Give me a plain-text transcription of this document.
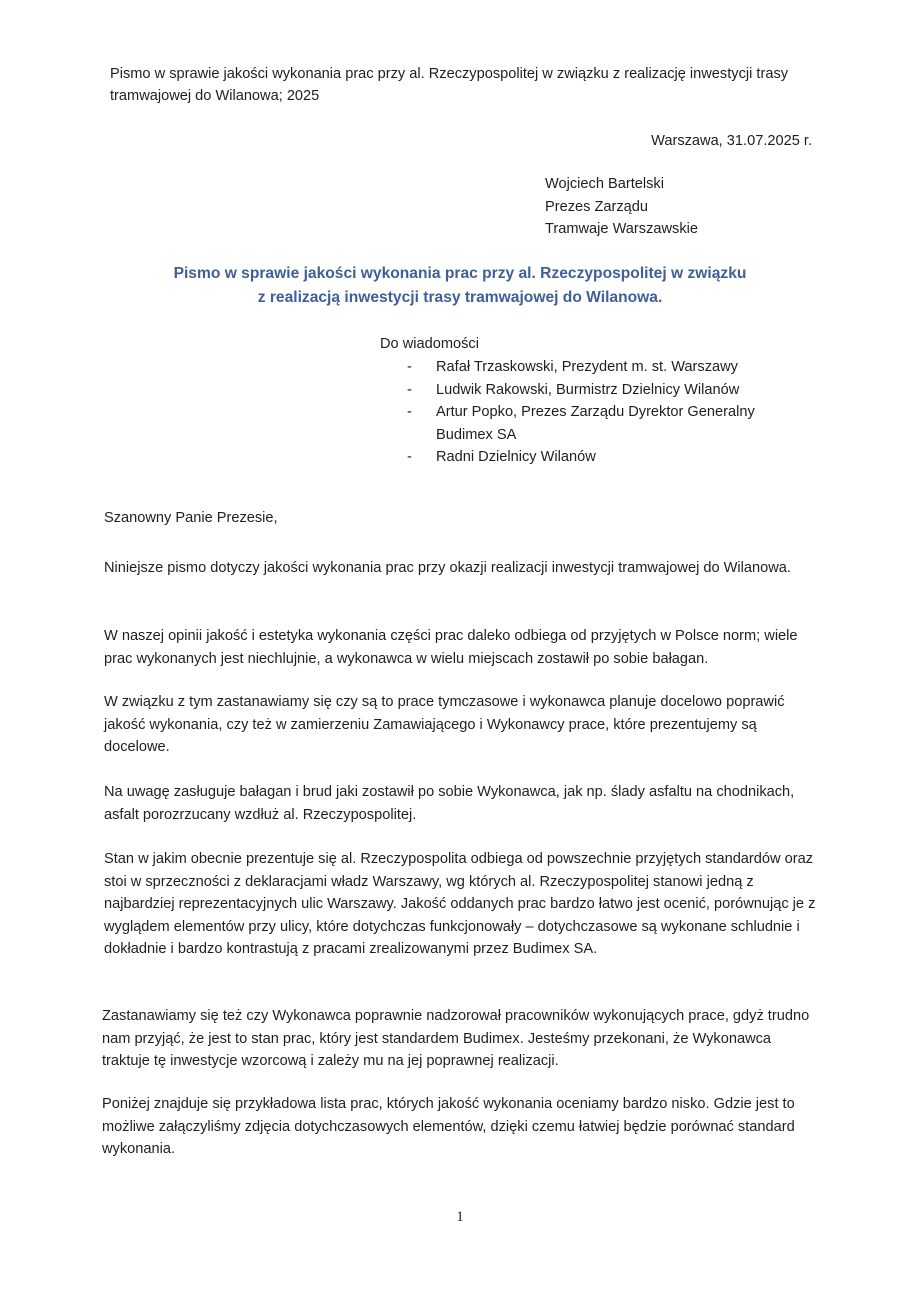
Pismo w sprawie jakości wykonania prac przy al. Rzeczypospolitej w związku z realizację inwestycji trasy tramwajowej do Wilanowa; 2025
Warszawa, 31.07.2025 r.
Wojciech Bartelski
Prezes Zarządu
Tramwaje Warszawskie
Pismo w sprawie jakości wykonania prac przy al. Rzeczypospolitej w związku
z realizacją inwestycji trasy tramwajowej do Wilanowa.
Do wiadomości
- Rafał Trzaskowski, Prezydent m. st. Warszawy
- Ludwik Rakowski, Burmistrz Dzielnicy Wilanów
- Artur Popko, Prezes Zarządu Dyrektor Generalny Budimex SA
- Radni Dzielnicy Wilanów
Szanowny Panie Prezesie,

Niniejsze pismo dotyczy jakości wykonania prac przy okazji realizacji inwestycji tramwajowej do Wilanowa.

W naszej opinii jakość i estetyka wykonania części prac daleko odbiega od przyjętych w Polsce norm; wiele prac wykonanych jest niechlujnie, a wykonawca w wielu miejscach zostawił po sobie bałagan.

W związku z tym zastanawiamy się czy są to prace tymczasowe i wykonawca planuje docelowo poprawić jakość wykonania, czy też w zamierzeniu Zamawiającego i Wykonawcy prace, które prezentujemy są docelowe.

Na uwagę zasługuje bałagan i brud jaki zostawił po sobie Wykonawca, jak np. ślady asfaltu na chodnikach, asfalt porozrzucany wzdłuż al. Rzeczypospolitej.

Stan w jakim obecnie prezentuje się al. Rzeczypospolita odbiega od powszechnie przyjętych standardów oraz stoi w sprzeczności z deklaracjami władz Warszawy, wg których al. Rzeczypospolitej stanowi jedną z najbardziej reprezentacyjnych ulic Warszawy. Jakość oddanych prac bardzo łatwo jest ocenić, porównując je z wyglądem elementów przy ulicy, które dotychczas funkcjonowały – dotychczasowe są wykonane schludnie i dokładnie i bardzo kontrastują z pracami zrealizowanymi przez Budimex SA.

Zastanawiamy się też czy Wykonawca poprawnie nadzorował pracowników wykonujących prace, gdyż trudno nam przyjąć, że jest to stan prac, który jest standardem Budimex. Jesteśmy przekonani, że Wykonawca traktuje tę inwestycje wzorcową i zależy mu na jej poprawnej realizacji.

Poniżej znajduje się przykładowa lista prac, których jakość wykonania oceniamy bardzo nisko. Gdzie jest to możliwe załączyliśmy zdjęcia dotychczasowych elementów, dzięki czemu łatwiej będzie porównać standard wykonania.

1
